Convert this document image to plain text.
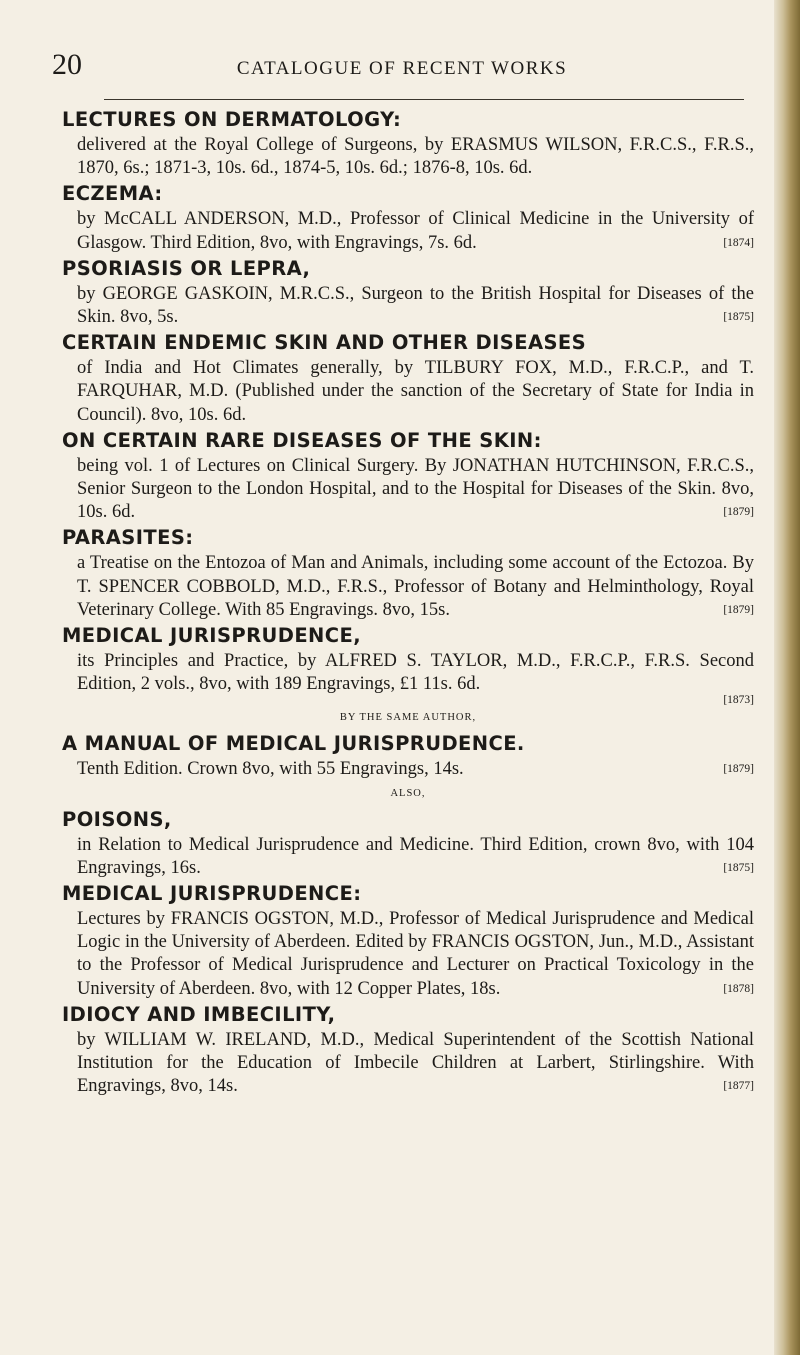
20	CATALOGUE OF RECENT WORKS
LECTURES ON DERMATOLOGY:
delivered at the Royal College of Surgeons, by ERASMUS WILSON, F.R.C.S., F.R.S., 1870, 6s.; 1871-3, 10s. 6d., 1874-5, 10s. 6d.; 1876-8, 10s. 6d.
ECZEMA:
by McCALL ANDERSON, M.D., Professor of Clinical Medicine in the University of Glasgow. Third Edition, 8vo, with Engravings, 7s. 6d.	[1874]
PSORIASIS OR LEPRA,
by GEORGE GASKOIN, M.R.C.S., Surgeon to the British Hospital for Diseases of the Skin. 8vo, 5s.	[1875]
CERTAIN ENDEMIC SKIN AND OTHER DISEASES
of India and Hot Climates generally, by TILBURY FOX, M.D., F.R.C.P., and T. FARQUHAR, M.D. (Published under the sanction of the Secretary of State for India in Council). 8vo, 10s. 6d.
ON CERTAIN RARE DISEASES OF THE SKIN:
being vol. 1 of Lectures on Clinical Surgery. By JONATHAN HUTCHINSON, F.R.C.S., Senior Surgeon to the London Hospital, and to the Hospital for Diseases of the Skin. 8vo, 10s. 6d.	[1879]
PARASITES:
a Treatise on the Entozoa of Man and Animals, including some account of the Ectozoa. By T. SPENCER COBBOLD, M.D., F.R.S., Professor of Botany and Helminthology, Royal Veterinary College. With 85 Engravings. 8vo, 15s.	[1879]
MEDICAL JURISPRUDENCE,
its Principles and Practice, by ALFRED S. TAYLOR, M.D., F.R.C.P., F.R.S. Second Edition, 2 vols., 8vo, with 189 Engravings, £1 11s. 6d.
[1873]
BY THE SAME AUTHOR,
A MANUAL OF MEDICAL JURISPRUDENCE.
Tenth Edition. Crown 8vo, with 55 Engravings, 14s.	[1879]
ALSO,
POISONS,
in Relation to Medical Jurisprudence and Medicine. Third Edition, crown 8vo, with 104 Engravings, 16s.	[1875]
MEDICAL JURISPRUDENCE:
Lectures by FRANCIS OGSTON, M.D., Professor of Medical Jurisprudence and Medical Logic in the University of Aberdeen. Edited by FRANCIS OGSTON, Jun., M.D., Assistant to the Professor of Medical Jurisprudence and Lecturer on Practical Toxicology in the University of Aberdeen. 8vo, with 12 Copper Plates, 18s.	[1878]
IDIOCY AND IMBECILITY,
by WILLIAM W. IRELAND, M.D., Medical Superintendent of the Scottish National Institution for the Education of Imbecile Children at Larbert, Stirlingshire. With Engravings, 8vo, 14s.	[1877]
